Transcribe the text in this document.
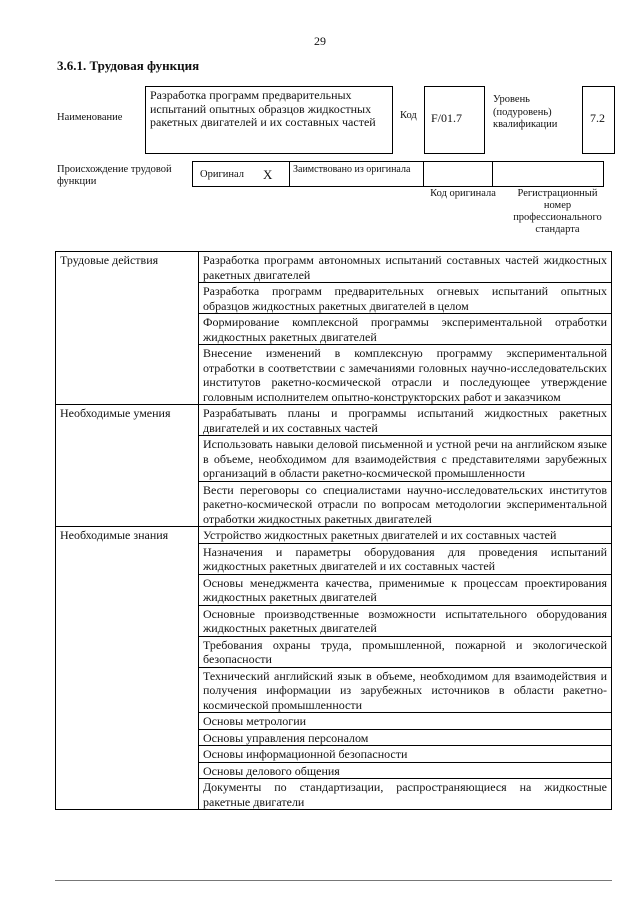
29
3.6.1. Трудовая функция
Наименование
Разработка программ предварительных испытаний опытных образцов жидкостных ракетных двигателей и их составных частей	Код F/01.7
Уровень (подуровень) квалификации	7.2
Происхождение трудовой функции
Оригинал X Заимствовано из оригинала
Код оригинала	Регистрационный номер профессионального стандарта
Трудовые действия	Разработка программ автономных испытаний составных частей жидкостных ракетных двигателей
	Разработка программ предварительных огневых испытаний опытных образцов жидкостных ракетных двигателей в целом
	Формирование комплексной программы экспериментальной отработки жидкостных ракетных двигателей
	Внесение изменений в комплексную программу экспериментальной отработки в соответствии с замечаниями головных научно-исследовательских институтов ракетно-космической отрасли и последующее утверждение головным исполнителем опытно-конструкторских работ и заказчиком
Необходимые умения	Разрабатывать планы и программы испытаний жидкостных ракетных двигателей и их составных частей
	Использовать навыки деловой письменной и устной речи на английском языке в объеме, необходимом для взаимодействия с представителями зарубежных организаций в области ракетно-космической промышленности
	Вести переговоры со специалистами научно-исследовательских институтов ракетно-космической отрасли по вопросам методологии экспериментальной отработки жидкостных ракетных двигателей
Необходимые знания	Устройство жидкостных ракетных двигателей и их составных частей
	Назначения и параметры оборудования для проведения испытаний жидкостных ракетных двигателей и их составных частей
	Основы менеджмента качества, применимые к процессам проектирования жидкостных ракетных двигателей
	Основные производственные возможности испытательного оборудования жидкостных ракетных двигателей
	Требования охраны труда, промышленной, пожарной и экологической безопасности
	Технический английский язык в объеме, необходимом для взаимодействия и получения информации из зарубежных источников в области ракетно-космической промышленности
	Основы метрологии
	Основы управления персоналом
	Основы информационной безопасности
	Основы делового общения
	Документы по стандартизации, распространяющиеся на жидкостные ракетные двигатели
